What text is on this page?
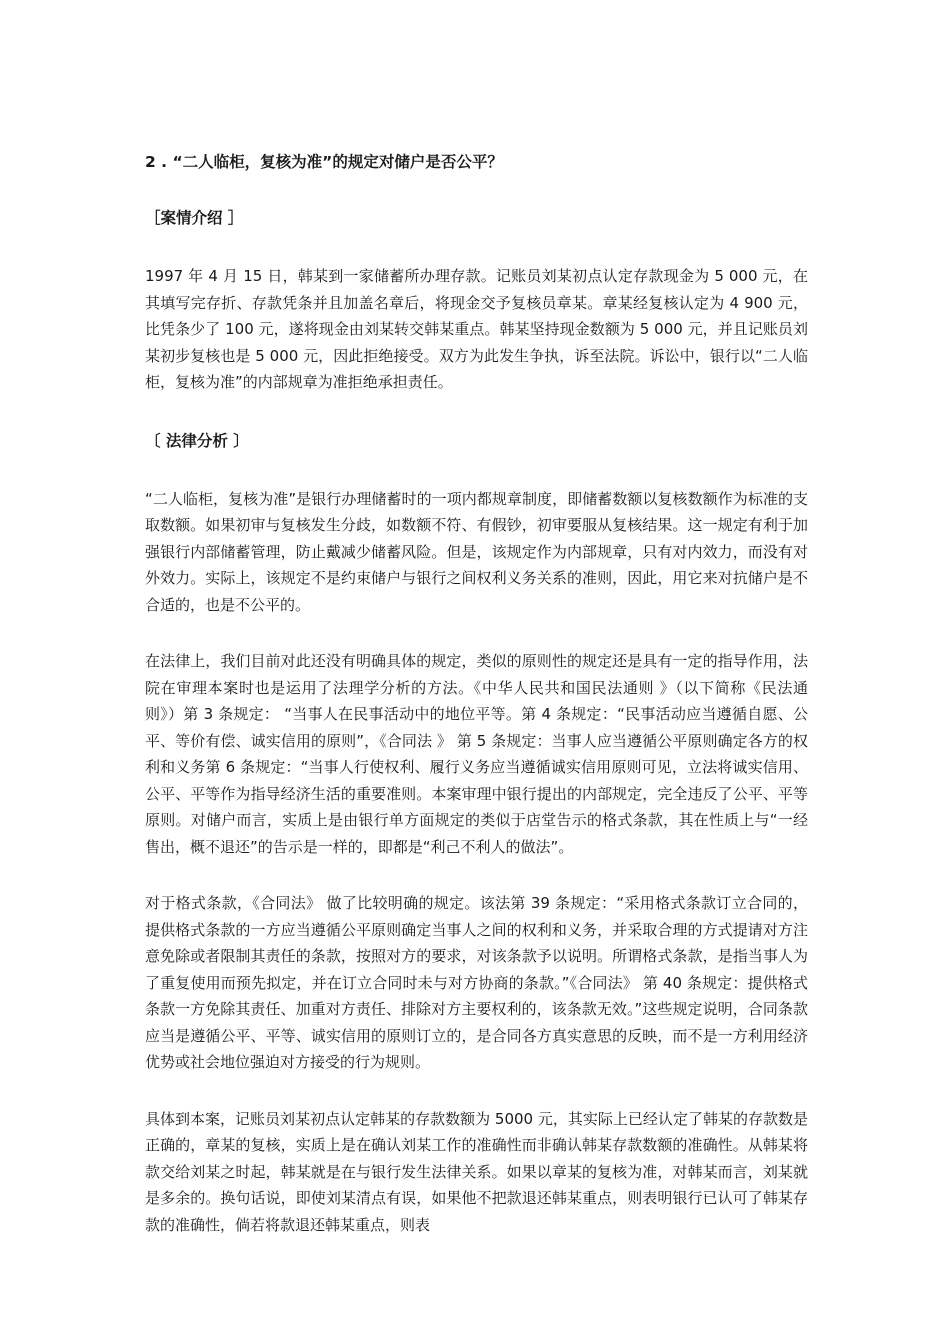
2 . “二人临柜，复核为准”的规定对储户是否公平？

［案情介绍 ］

1997 年 4 月 15 日，韩某到一家储蓄所办理存款。记账员刘某初点认定存款现金为 5 000 元，在其填写完存折、存款凭条并且加盖名章后，将现金交予复核员章某。章某经复核认定为 4 900 元，比凭条少了 100 元，遂将现金由刘某转交韩某重点。韩某坚持现金数额为 5 000 元，并且记账员刘某初步复核也是 5 000 元，因此拒绝接受。双方为此发生争执，诉至法院。诉讼中，银行以“二人临柜，复核为准”的内部规章为准拒绝承担责任。

〔 法律分析 〕

“二人临柜，复核为准”是银行办理储蓄时的一项内都规章制度，即储蓄数额以复核数额作为标准的支取数额。如果初审与复核发生分歧，如数额不符、有假钞，初审要服从复核结果。这一规定有利于加强银行内部储蓄管理，防止戴减少储蓄风险。但是，该规定作为内部规章，只有对内效力，而没有对外效力。实际上，该规定不是约束储户与银行之间权利义务关系的准则，因此，用它来对抗储户是不合适的，也是不公平的。

在法律上，我们目前对此还没有明确具体的规定，类似的原则性的规定还是具有一定的指导作用，法院在审理本案时也是运用了法理学分析的方法。《中华人民共和国民法通则 》（以下简称《民法通则》）第 3 条规定： “当事人在民事活动中的地位平等。第 4 条规定：“民事活动应当遵循自愿、公平、等价有偿、诚实信用的原则”，《合同法 》 第 5 条规定：当事人应当遵循公平原则确定各方的权利和义务第 6 条规定：“当事人行使权利、履行义务应当遵循诚实信用原则可见，立法将诚实信用、公平、平等作为指导经济生活的重要准则。本案审理中银行提出的内部规定，完全违反了公平、平等原则。对储户而言，实质上是由银行单方面规定的类似于店堂告示的格式条款，其在性质上与“一经售出，概不退还”的告示是一样的，即都是“利己不利人的做法”。

对于格式条款，《合同法》 做了比较明确的规定。该法第 39 条规定：“采用格式条款订立合同的，提供格式条款的一方应当遵循公平原则确定当事人之间的权利和义务，并采取合理的方式提请对方注意免除或者限制其责任的条款，按照对方的要求，对该条款予以说明。所谓格式条款，是指当事人为了重复使用而预先拟定，并在订立合同时未与对方协商的条款。”《合同法》 第 40 条规定：提供格式条款一方免除其责任、加重对方责任、排除对方主要权利的，该条款无效。”这些规定说明，合同条款应当是遵循公平、平等、诚实信用的原则订立的，是合同各方真实意思的反映，而不是一方利用经济优势或社会地位强迫对方接受的行为规则。

具体到本案，记账员刘某初点认定韩某的存款数额为 5000 元，其实际上已经认定了韩某的存款数是正确的，章某的复核，实质上是在确认刘某工作的准确性而非确认韩某存款数额的准确性。从韩某将款交给刘某之时起，韩某就是在与银行发生法律关系。如果以章某的复核为准，对韩某而言，刘某就是多余的。换句话说，即使刘某清点有误，如果他不把款退还韩某重点，则表明银行已认可了韩某存款的准确性，倘若将款退还韩某重点，则表
